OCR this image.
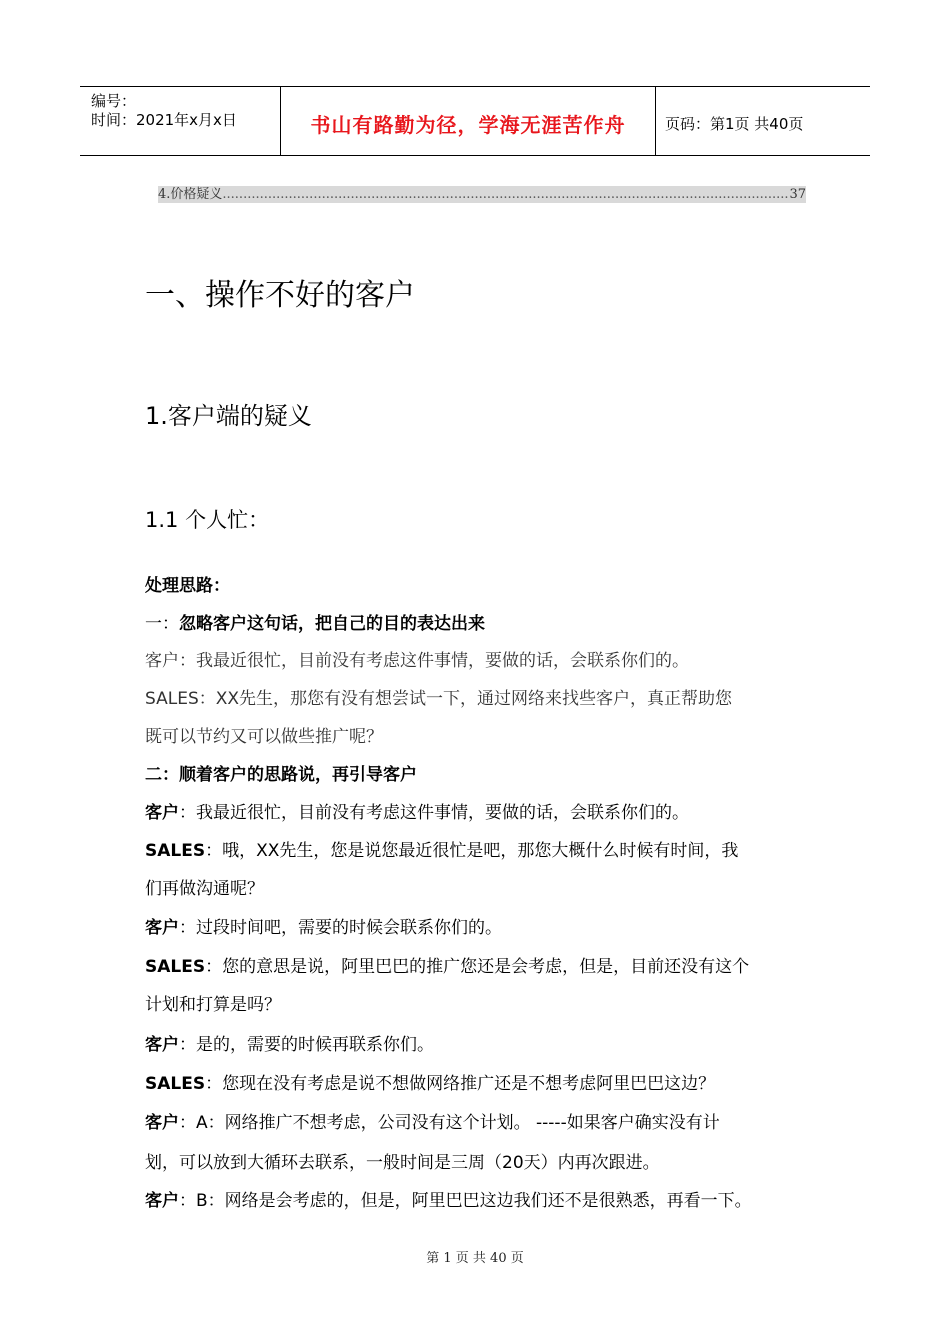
编号：
时间：2021年x月x日	书山有路勤为径，学海无涯苦作舟	页码：第1页 共40页
4.价格疑义
.....	37
一、操作不好的客户
1.客户端的疑义
1.1 个人忙：
处理思路：
一：忽略客户这句话，把自己的目的表达出来
客户：我最近很忙，目前没有考虑这件事情，要做的话，会联系你们的。
SALES：XX先生，那您有没有想尝试一下，通过网络来找些客户，真正帮助您
既可以节约又可以做些推广呢？
二：顺着客户的思路说，再引导客户
客户：我最近很忙，目前没有考虑这件事情，要做的话，会联系你们的。
SALES：哦，XX先生，您是说您最近很忙是吧，那您大概什么时候有时间，我
们再做沟通呢？
客户：过段时间吧，需要的时候会联系你们的。
SALES：您的意思是说，阿里巴巴的推广您还是会考虑，但是，目前还没有这个
计划和打算是吗？
客户：是的，需要的时候再联系你们。
SALES：您现在没有考虑是说不想做网络推广还是不想考虑阿里巴巴这边？
客户：A：网络推广不想考虑，公司没有这个计划。 -----如果客户确实没有计
划，可以放到大循环去联系，一般时间是三周（20天）内再次跟进。
客户：B：网络是会考虑的，但是，阿里巴巴这边我们还不是很熟悉，再看一下。
第 1 页 共 40 页
